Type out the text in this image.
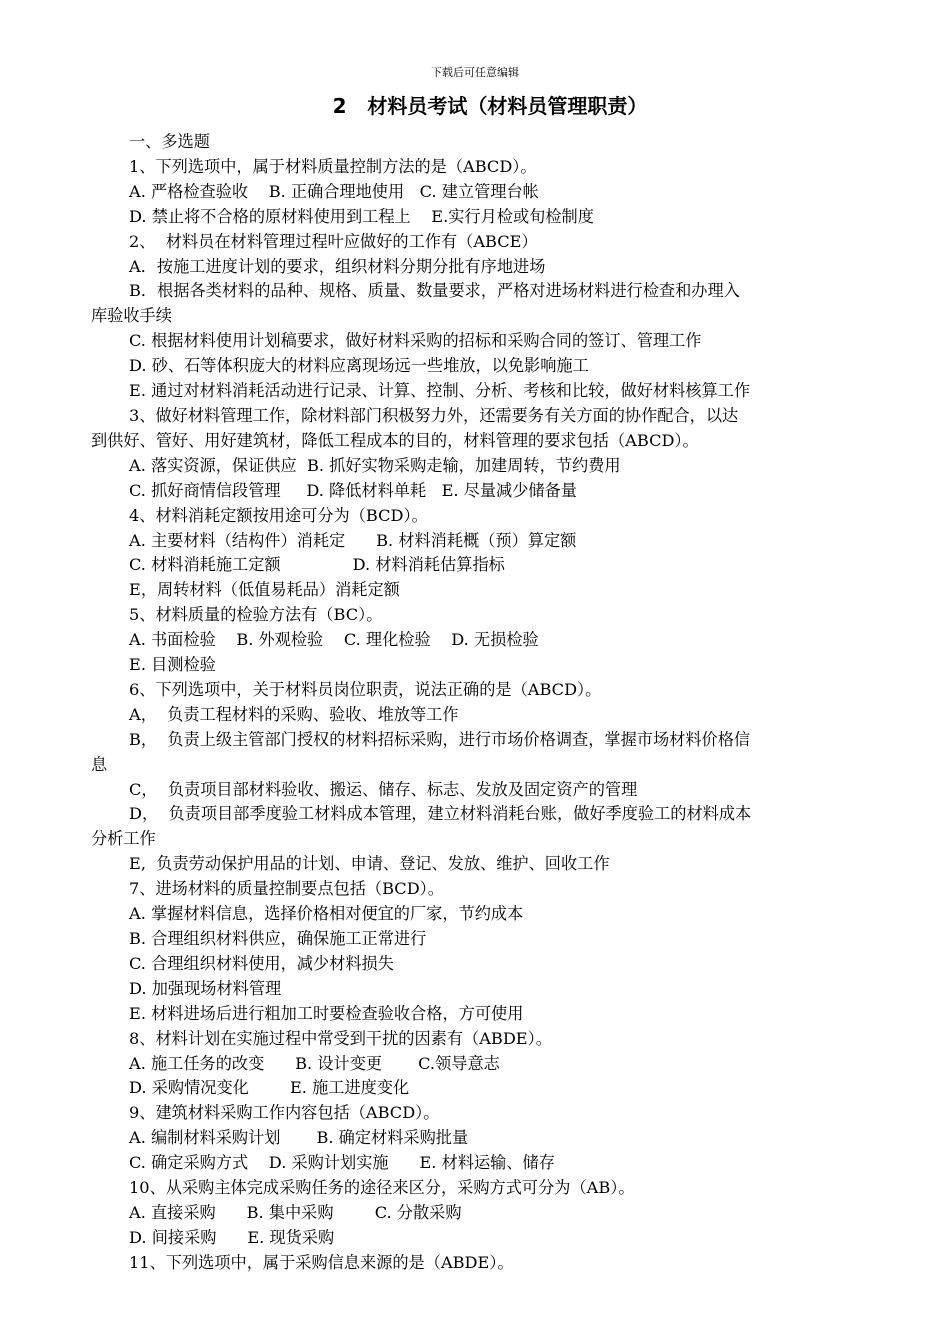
下载后可任意编辑
2   材料员考试（材料员管理职责）

一、多选题

1、下列选项中，属于材料质量控制方法的是（ABCD）。

A. 严格检查验收    B. 正确合理地使用   C. 建立管理台帐

D. 禁止将不合格的原材料使用到工程上    E.实行月检或旬检制度

2、  材料员在材料管理过程叶应做好的工作有（ABCE）

A．按施工进度计划的要求，组织材料分期分批有序地进场

B．根据各类材料的品种、规格、质量、数量要求，严格对进场材料进行检查和办理入

库验收手续

C. 根据材料使用计划稿要求，做好材料采购的招标和采购合同的签订、管理工作

D. 砂、石等体积庞大的材料应离现场远一些堆放，以免影响施工

E. 通过对材料消耗活动进行记录、计算、控制、分析、考核和比较，做好材料核算工作

3、做好材料管理工作，除材料部门积极努力外，还需要务有关方面的协作配合，以达

到供好、管好、用好建筑材，降低工程成本的目的，材料管理的要求包括（ABCD）。

A. 落实资源，保证供应  B. 抓好实物采购走输，加建周转，节约费用

C. 抓好商情信段管理     D. 降低材料单耗   E. 尽量减少储备量

4、材料消耗定额按用途可分为（BCD）。

A. 主要材料（结构件）消耗定      B. 材料消耗概（预）算定额

C. 材料消耗施工定额              D. 材料消耗估算指标

E，周转材料（低值易耗品）消耗定额

5、材料质量的检验方法有（BC）。

A. 书面检验    B. 外观检验    C. 理化检验    D. 无损检验

E. 目测检验

6、下列选项中，关于材料员岗位职责，说法正确的是（ABCD）。

A，  负责工程材料的采购、验收、堆放等工作

B，  负责上级主管部门授权的材料招标采购，进行市场价格调查，掌握市场材料价格信

息

C，  负责项目部材料验收、搬运、储存、标志、发放及固定资产的管理

D，  负责项目部季度验工材料成本管理，建立材料消耗台账，做好季度验工的材料成本

分析工作

E,  负责劳动保护用品的计划、申请、登记、发放、维护、回收工作

7、进场材料的质量控制要点包括（BCD）。

A. 掌握材料信息，选择价格相对便宜的厂家，节约成本

B. 合理组织材料供应，确保施工正常进行

C. 合理组织材料使用，减少材料损失

D. 加强现场材料管理

E. 材料进场后进行粗加工时要检查验收合格，方可使用

8、材料计划在实施过程中常受到干扰的因素有（ABDE）。

A. 施工任务的改变      B. 设计变更       C.领导意志

D. 采购情况变化        E. 施工进度变化

9、建筑材料采购工作内容包括（ABCD）。

A. 编制材料采购计划       B. 确定材料采购批量

C. 确定采购方式    D. 采购计划实施      E. 材料运输、储存

10、从采购主体完成采购任务的途径来区分，采购方式可分为（AB）。

A. 直接采购      B. 集中采购        C. 分散采购

D. 间接采购      E. 现货采购

11、下列选项中，属于采购信息来源的是（ABDE）。
